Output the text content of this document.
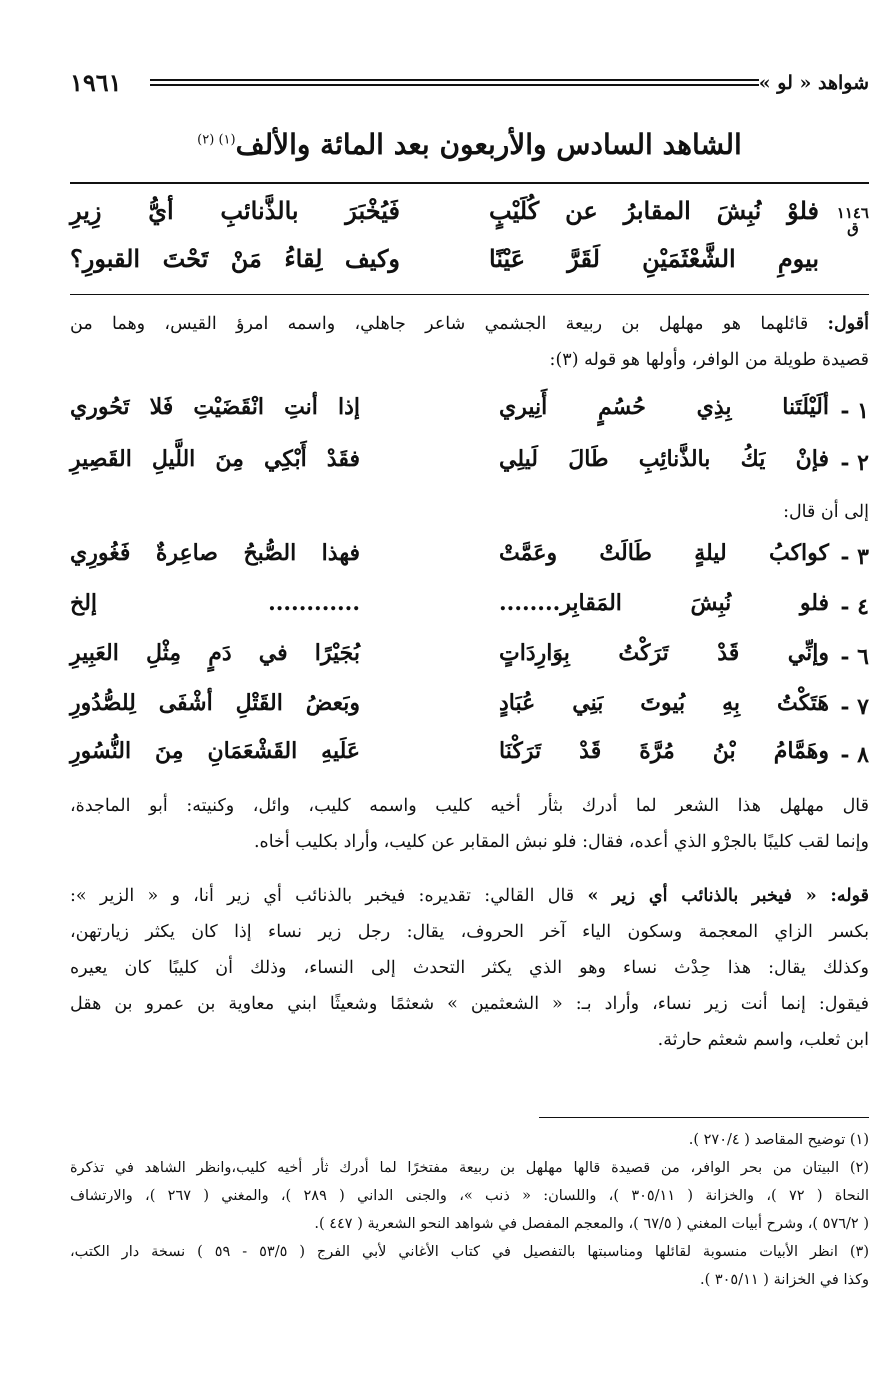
شواهد « لو »
١٩٦١
الشاهد السادس والأربعون بعد المائة والألف$^{(١) (٢)}$
١١٤٦
ق
فلوْ نُبِشَ المقابرُ عن كُلَيْبٍ
فَيُخْبَرَ بالذَّنائبِ أيُّ زِيرِ
بيومِ الشَّعْثَمَيْنِ لَقَرَّ عَيْنًا
وكيف لِقاءُ مَنْ تَحْتَ القبورِ؟
أقول: قائلهما هو مهلهل بن ربيعة الجشمي شاعر جاهلي، واسمه امرؤ القيس، وهما من
قصيدة طويلة من الوافر، وأولها هو قوله (٣):
١ -
ألَيْلَتَنا بِذِي حُسُمٍ أَنِيري
إذا أنتِ انْقَضَيْتِ فَلا تَحُوري
٢ -
فإنْ يَكُ بالذَّنائِبِ طَالَ لَيلِي
فقَدْ أَبْكِي مِنَ اللَّيلِ القَصِيرِ
إلى أن قال:
٣ -
كواكبُ ليلةٍ طَالَتْ وعَمَّتْ
فهذا الصُّبحُ صاعِرةٌ فَغُورِي
٤ -
فلو نُبِشَ المَقابِر........
............ إلخ
٦ -
وإنِّي قَدْ تَرَكْتُ بِوَارِدَاتٍ
بُجَيْرًا في دَمٍ مِثْلِ العَبِيرِ
٧ -
هَتَكْتُ بِهِ بُيوتَ بَنِي عُبَادٍ
وبَعضُ القَتْلِ أشْفَى لِلصُّدُورِ
٨ -
وهَمَّامُ بْنُ مُرَّةَ قَدْ تَرَكْنَا
عَلَيهِ القَشْعَمَانِ مِنَ النُّسُورِ
قال مهلهل هذا الشعر لما أدرك بثأر أخيه كليب واسمه كليب، وائل، وكنيته: أبو الماجدة،
وإنما لقب كليبًا بالجرْو الذي أعده، فقال: فلو نبش المقابر عن كليب، وأراد بكليب أخاه.
قوله: « فيخبر بالذنائب أي زير » قال القالي: تقديره: فيخبر بالذنائب أي زير أنا، و « الزير »:
بكسر الزاي المعجمة وسكون الياء آخر الحروف، يقال: رجل زير نساء إذا كان يكثر زيارتهن،
وكذلك يقال: هذا حِدْث نساء وهو الذي يكثر التحدث إلى النساء، وذلك أن كليبًا كان يعيره
فيقول: إنما أنت زير نساء، وأراد بـ: « الشعثمين » شعثمًا وشعيثًا ابني معاوية بن عمرو بن هقل
ابن ثعلب، واسم شعثم حارثة.
(١) توضيح المقاصد ( ٢٧٠/٤ ).
(٢) البيتان من بحر الوافر، من قصيدة قالها مهلهل بن ربيعة مفتخرًا لما أدرك ثأر أخيه كليب،وانظر الشاهد في تذكرة
النحاة ( ٧٢ )، والخزانة ( ٣٠٥/١١ )، واللسان: « ذنب »، والجنى الداني ( ٢٨٩ )، والمغني ( ٢٦٧ )، والارتشاف
( ٥٧٦/٢ )، وشرح أبيات المغني ( ٦٧/٥ )، والمعجم المفصل في شواهد النحو الشعرية ( ٤٤٧ ).
(٣) انظر الأبيات منسوبة لقائلها ومناسبتها بالتفصيل في كتاب الأغاني لأبي الفرج ( ٥٣/٥ - ٥٩ ) نسخة دار الكتب،
وكذا في الخزانة ( ٣٠٥/١١ ).
